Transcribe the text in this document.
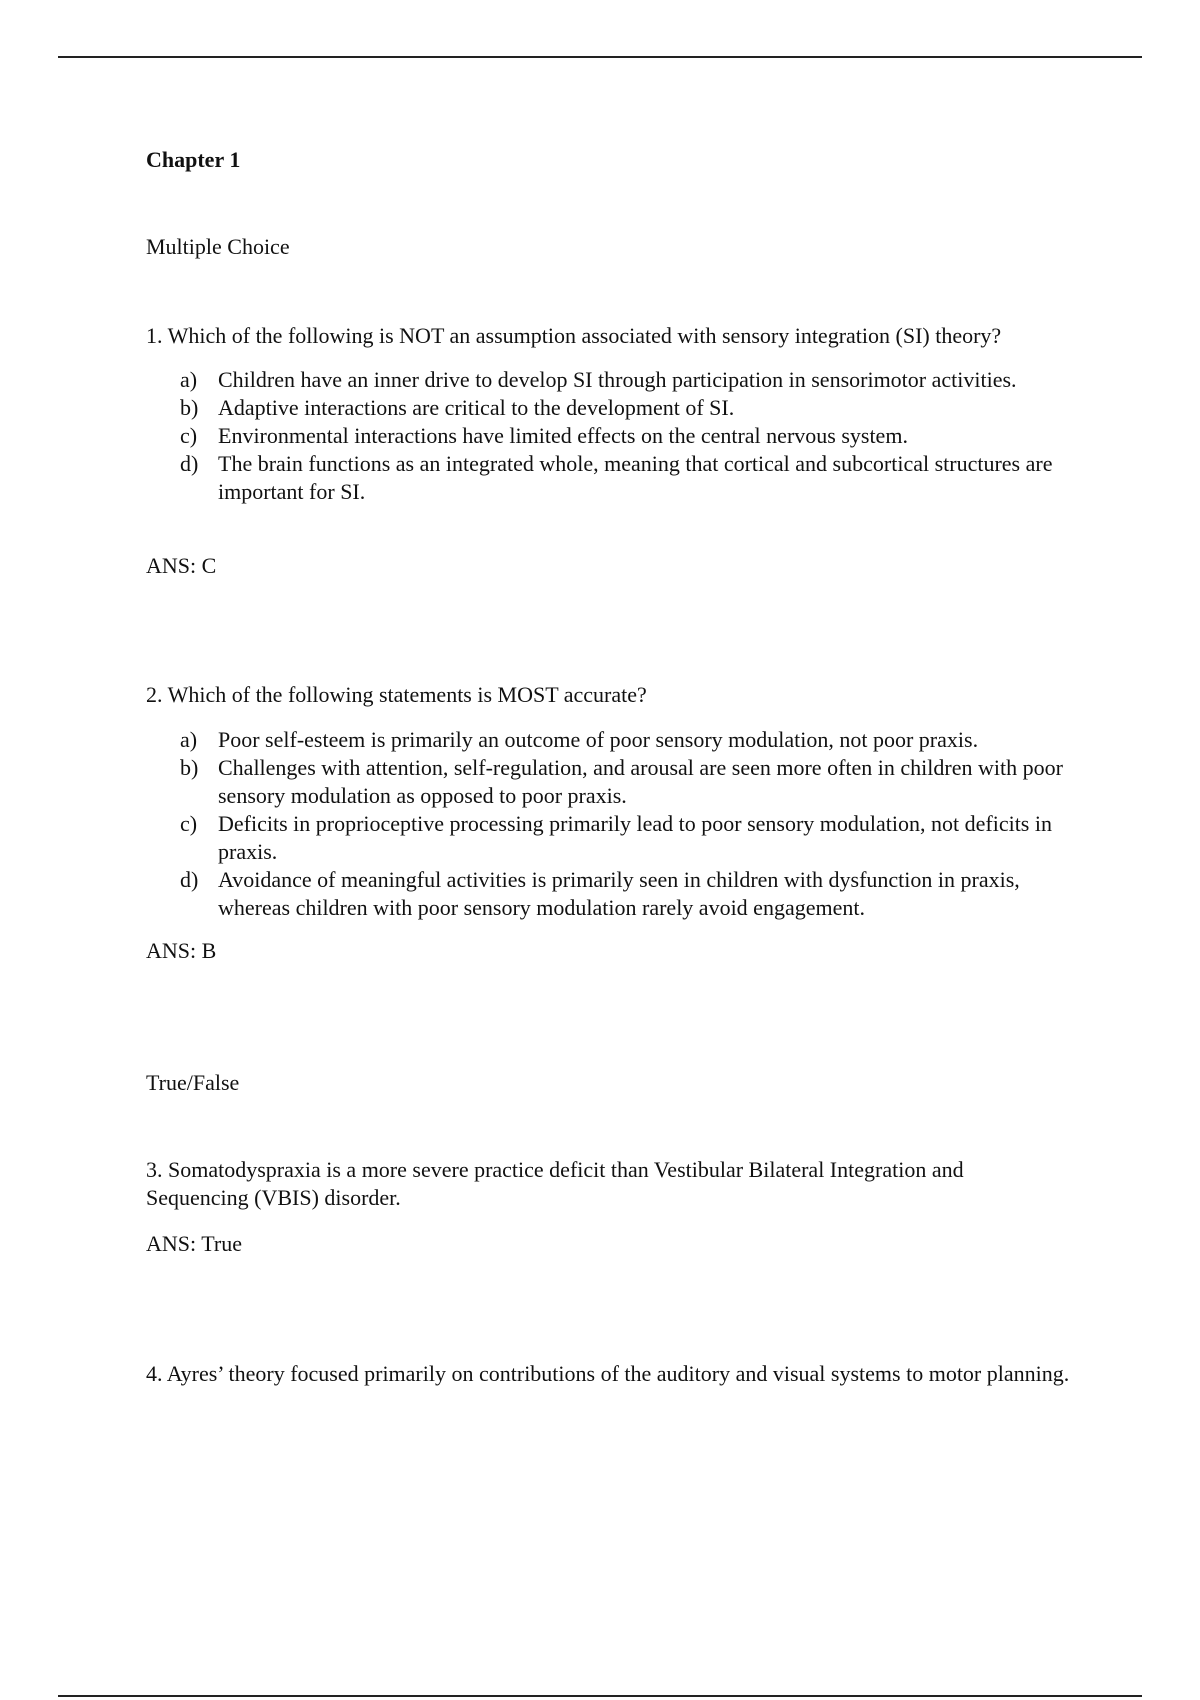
Chapter 1
Multiple Choice

1. Which of the following is NOT an assumption associated with sensory integration (SI) theory?

a) Children have an inner drive to develop SI through participation in sensorimotor activities.
b) Adaptive interactions are critical to the development of SI.
c) Environmental interactions have limited effects on the central nervous system.
d) The brain functions as an integrated whole, meaning that cortical and subcortical structures are important for SI.
ANS: C

2. Which of the following statements is MOST accurate?

a) Poor self-esteem is primarily an outcome of poor sensory modulation, not poor praxis.
b) Challenges with attention, self-regulation, and arousal are seen more often in children with poor sensory modulation as opposed to poor praxis.
c) Deficits in proprioceptive processing primarily lead to poor sensory modulation, not deficits in praxis.
d) Avoidance of meaningful activities is primarily seen in children with dysfunction in praxis, whereas children with poor sensory modulation rarely avoid engagement.
ANS: B
True/False

3. Somatodyspraxia is a more severe practice deficit than Vestibular Bilateral Integration and Sequencing (VBIS) disorder.

ANS: True

4. Ayres’ theory focused primarily on contributions of the auditory and visual systems to motor planning.
